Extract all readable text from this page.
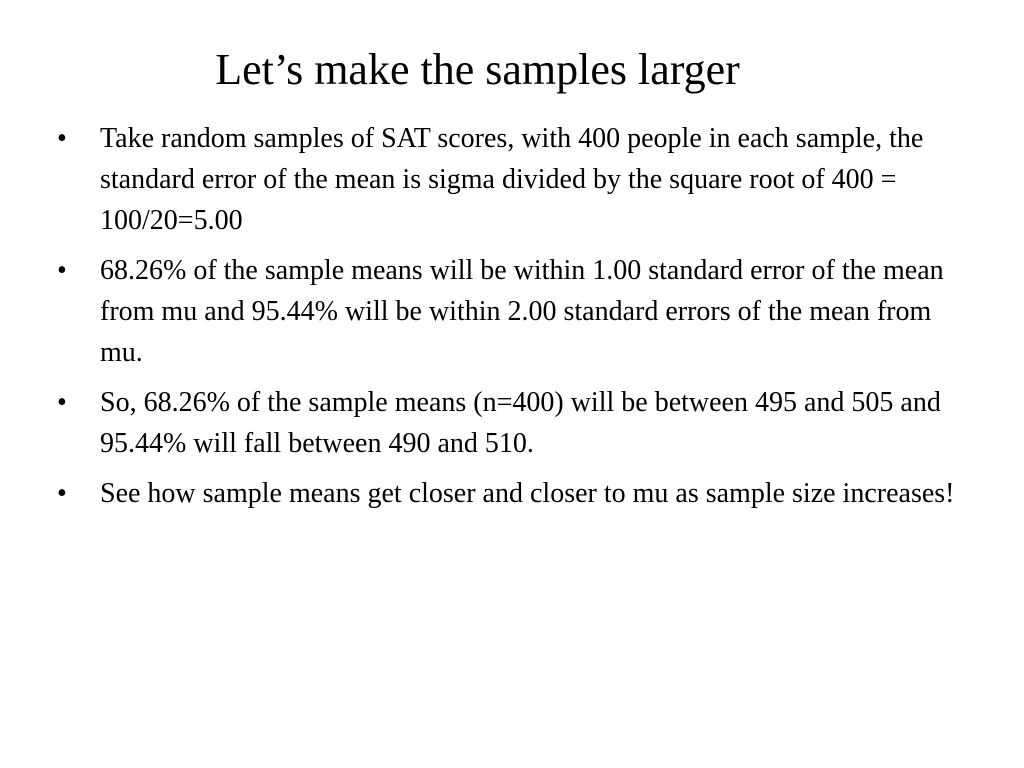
Let’s make the samples larger
•	Take random samples of SAT scores, with 400 people in each sample, the standard error of the mean is sigma divided by the square root of 400 = 100/20=5.00
•	68.26% of the sample means will be within 1.00 standard error of the mean from mu and 95.44% will be within 2.00 standard errors of the mean from mu.
•	So, 68.26% of the sample means (n=400) will be between 495 and 505 and 95.44% will fall between 490 and 510.
•	See how sample means get closer and closer to mu as sample size increases!
